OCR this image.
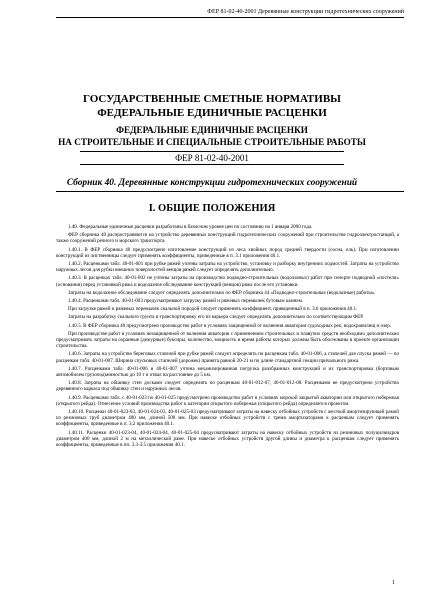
ФЕР 81-02-40-2001 Деревянные конструкции гидротехнических сооружений
ГОСУДАРСТВЕННЫЕ СМЕТНЫЕ НОРМАТИВЫ
ФЕДЕРАЛЬНЫЕ ЕДИНИЧНЫЕ РАСЦЕНКИ
ФЕДЕРАЛЬНЫЕ ЕДИНИЧНЫЕ РАСЦЕНКИ
НА СТРОИТЕЛЬНЫЕ И СПЕЦИАЛЬНЫЕ СТРОИТЕЛЬНЫЕ РАБОТЫ
ФЕР 81-02-40-2001
Сборник 40. Деревянные конструкции гидротехнических сооружений
I. ОБЩИЕ ПОЛОЖЕНИЯ

1.40. Федеральные единичные расценки разработаны в базисном уровне цен по состоянию на 1 января 2000 года.

ФЕР сборника 40 распространяются на устройство деревянных конструкций гидротехнических сооружений при строительстве гидроэлектростанций, а также сооружений речного и морского транспорта.

1.40.1. В ФЕР сборника 40 предусмотрено изготовление конструкций из леса хвойных пород средней твердости (сосна, ель). При изготовлении конструкций из лиственницы следует применять коэффициенты, приведенные в п. 3.1 приложения 40.1.

1.40.2. Расценками табл. 40-01-001 при рубке ряжей учтены затраты на устройство, установку и разборку внутренних подмостей. Затраты на устройство наружных лесов для рубки внешних поверхностей венцов ряжей следует определять дополнительно.

1.40.3. В расценках табл. 40-01-002 не учтены затраты на производство подводно-строительных (водолазных) работ при сенорте подводной «постели» (основания) перед установкой ряжа и водолазное обследование конструкций (венцов) ряжа после его установки.

Затраты на водолазное обследование следует определять дополнительно по ФЕР сборника 44 «Подводно-строительные (водолазные) работы».

1.40.4. Расценками табл. 40-01-003 предусматривают загрузку ряжей и ряжевых перемычек бутовым камнем.

При загрузке ряжей и ряжевых перемычек скальной породой следует применять коэффициент, приведенный в п. 3.6 приложения 40.1.

Затраты на разработку скального грунта и транспортировку его из карьера следует определять дополнительно по соответствующим ФЕР.

1.40.5. В ФЕР сборника 40 предусмотрено производство работ в условиях защищенной от волнения акватории судоходных рек, водохранилищ и озер.

При производстве работ в условиях незащищенной от волнения акватории с применением строительных и плавучих средств необходимо дополнительно предусматривать затраты на охранные (дежурные) буксиры, количество, мощность и время работы которых должны быть обоснованы в проекте организации строительства.

1.40.6. Затраты на устройство береговых стапелей при рубке ряжей следует определять по расценкам табл. 40-01-006, а стапелей для спуска ряжей — по расценкам табл. 40-01-007. Ширина спусковых стапелей (дорожек) принята равной 20-21 м по длине стандартной секции причального ряжа.

1.40.7. Расценками табл. 40-01-006 и 40-01-007 учтена механизированная погрузка разобранных конструкций и их транспортировка (бортовым автомобилем грузоподъемностью до 10 т и отвал на расстояние до 5 км.

1.40.8. Затраты на обшивку стен досками следует определять по расценкам 40-01-012-07, 40-01-012-08. Расценками не предусмотрено устройство деревянного каркаса под обшивку стен и наружных лесов.

1.40.9. Расценками табл. с 40-01-023 по 40-01-025 предусмотрено производство работ в условиях морской закрытой акватории или открытого побережья (открытого рейда). Отнесение условий производства работ к категории открытого побережья (открытого рейда) определяется проектом.

1.40.10. Расценки 40-01-023-03, 40-01-024-03, 40-01-025-03 предусматривают затраты на навеску отбойных устройств с жесткой амортизирующей рамой из резиновых труб диаметром 400 мм, длиной 500 мм. При навеске отбойных устройств с тремя амортизаторами к расценкам следует применять коэффициенты, приведенные в п. 3.2 приложения 40.1.

1.40.11. Расценки 40-01-023-04, 40-01-024-04, 40-01-025-04 предусматривают затраты на навеску отбойных устройств из резиновых полуцилиндров диаметром 400 мм, длиной 2 м на металлической раме. При навеске отбойных устройств другой длины и диаметра к расценкам следует применять коэффициенты, приведенные в пп. 3.3-3.5 приложения 40.1.

1
